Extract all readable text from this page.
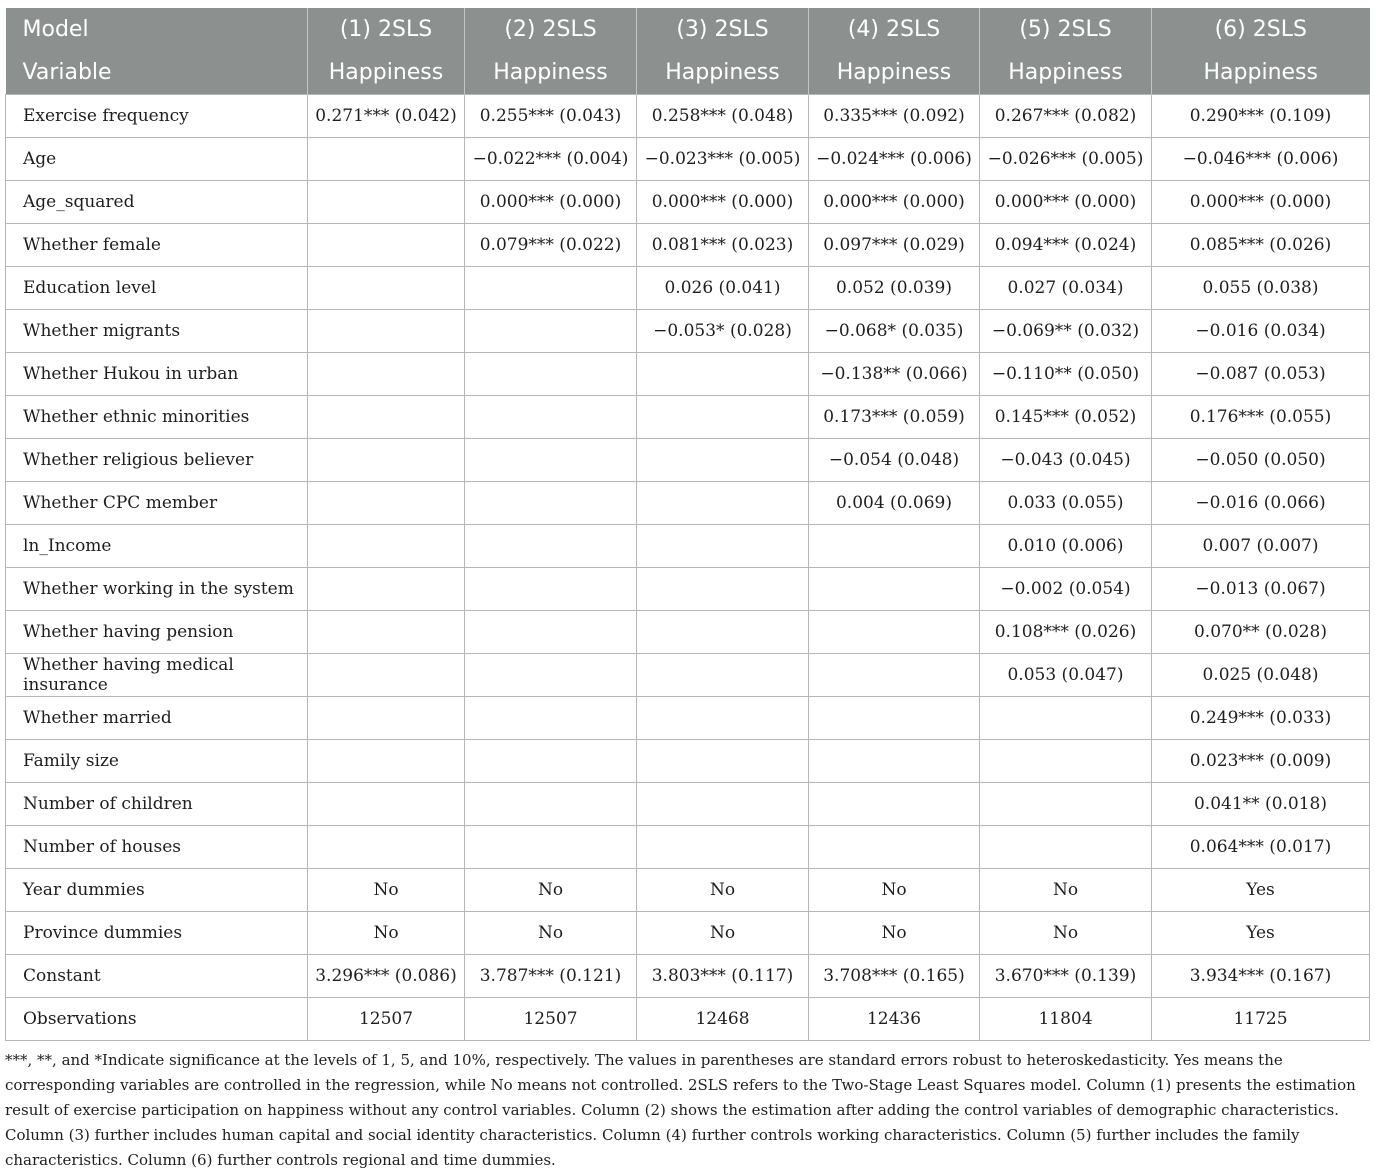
Model	(1) 2SLS	(2) 2SLS	(3) 2SLS	(4) 2SLS	(5) 2SLS	(6) 2SLS
Variable	Happiness	Happiness	Happiness	Happiness	Happiness	Happiness
Exercise frequency	0.271*** (0.042)	0.255*** (0.043)	0.258*** (0.048)	0.335*** (0.092)	0.267*** (0.082)	0.290*** (0.109)
Age		−0.022*** (0.004)	−0.023*** (0.005)	−0.024*** (0.006)	−0.026*** (0.005)	−0.046*** (0.006)
Age_squared		0.000*** (0.000)	0.000*** (0.000)	0.000*** (0.000)	0.000*** (0.000)	0.000*** (0.000)
Whether female		0.079*** (0.022)	0.081*** (0.023)	0.097*** (0.029)	0.094*** (0.024)	0.085*** (0.026)
Education level			0.026 (0.041)	0.052 (0.039)	0.027 (0.034)	0.055 (0.038)
Whether migrants			−0.053* (0.028)	−0.068* (0.035)	−0.069** (0.032)	−0.016 (0.034)
Whether Hukou in urban				−0.138** (0.066)	−0.110** (0.050)	−0.087 (0.053)
Whether ethnic minorities				0.173*** (0.059)	0.145*** (0.052)	0.176*** (0.055)
Whether religious believer				−0.054 (0.048)	−0.043 (0.045)	−0.050 (0.050)
Whether CPC member				0.004 (0.069)	0.033 (0.055)	−0.016 (0.066)
ln_Income					0.010 (0.006)	0.007 (0.007)
Whether working in the system					−0.002 (0.054)	−0.013 (0.067)
Whether having pension					0.108*** (0.026)	0.070** (0.028)
Whether having medical insurance					0.053 (0.047)	0.025 (0.048)
Whether married						0.249*** (0.033)
Family size						0.023*** (0.009)
Number of children						0.041** (0.018)
Number of houses						0.064*** (0.017)
Year dummies	No	No	No	No	No	Yes
Province dummies	No	No	No	No	No	Yes
Constant	3.296*** (0.086)	3.787*** (0.121)	3.803*** (0.117)	3.708*** (0.165)	3.670*** (0.139)	3.934*** (0.167)
Observations	12507	12507	12468	12436	11804	11725

***, **, and *Indicate significance at the levels of 1, 5, and 10%, respectively. The values in parentheses are standard errors robust to heteroskedasticity. Yes means the corresponding variables are controlled in the regression, while No means not controlled. 2SLS refers to the Two-Stage Least Squares model. Column (1) presents the estimation result of exercise participation on happiness without any control variables. Column (2) shows the estimation after adding the control variables of demographic characteristics. Column (3) further includes human capital and social identity characteristics. Column (4) further controls working characteristics. Column (5) further includes the family characteristics. Column (6) further controls regional and time dummies.
